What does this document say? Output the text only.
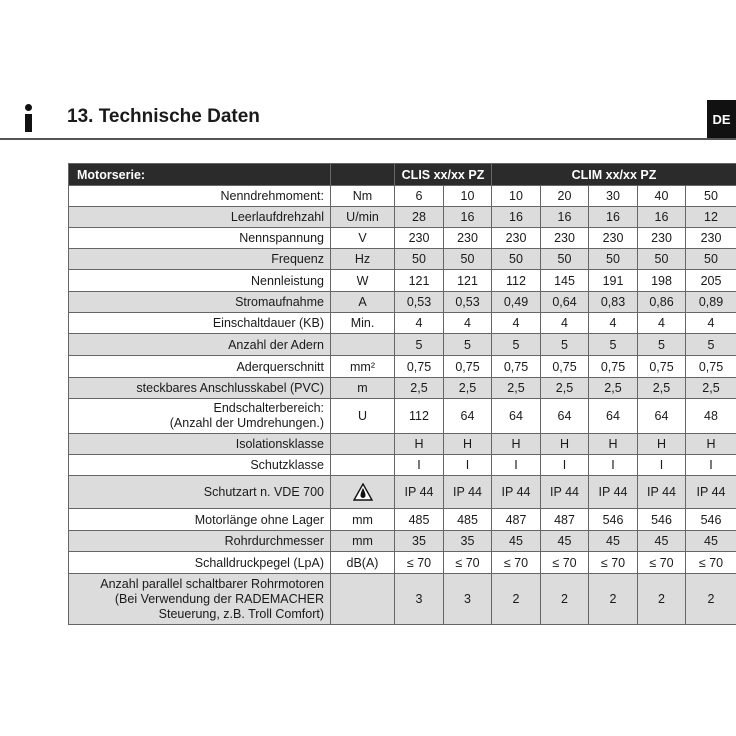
13. Technische Daten	DE
Motorserie:		CLIS xx/xx PZ		CLIM xx/xx PZ				
Nenndrehmoment:	Nm	6	10	10	20	30	40	50
Leerlaufdrehzahl	U/min	28	16	16	16	16	16	12
Nennspannung	V	230	230	230	230	230	230	230
Frequenz	Hz	50	50	50	50	50	50	50
Nennleistung	W	121	121	112	145	191	198	205
Stromaufnahme	A	0,53	0,53	0,49	0,64	0,83	0,86	0,89
Einschaltdauer (KB)	Min.	4	4	4	4	4	4	4
Anzahl der Adern		5	5	5	5	5	5	5
Aderquerschnitt	mm²	0,75	0,75	0,75	0,75	0,75	0,75	0,75
steckbares Anschlusskabel (PVC)	m	2,5	2,5	2,5	2,5	2,5	2,5	2,5

Endschalterbereich:
(Anzahl der Umdrehungen.)	U	112	64	64	64	64	64	48
Isolationsklasse		H	H	H	H	H	H	H
Schutzklasse		I	I	I	I	I	I	I
Schutzart n. VDE 700		IP 44	IP 44	IP 44	IP 44	IP 44	IP 44	IP 44
Motorlänge ohne Lager	mm	485	485	487	487	546	546	546
Rohrdurchmesser	mm	35	35	45	45	45	45	45
Schalldruckpegel (LpA)	dB(A)	≤ 70	≤ 70	≤ 70	≤ 70	≤ 70	≤ 70	≤ 70

Anzahl parallel schaltbarer Rohrmotoren
(Bei Verwendung der RADEMACHER
Steuerung, z.B. Troll Comfort)		3	3	2	2	2	2	2
